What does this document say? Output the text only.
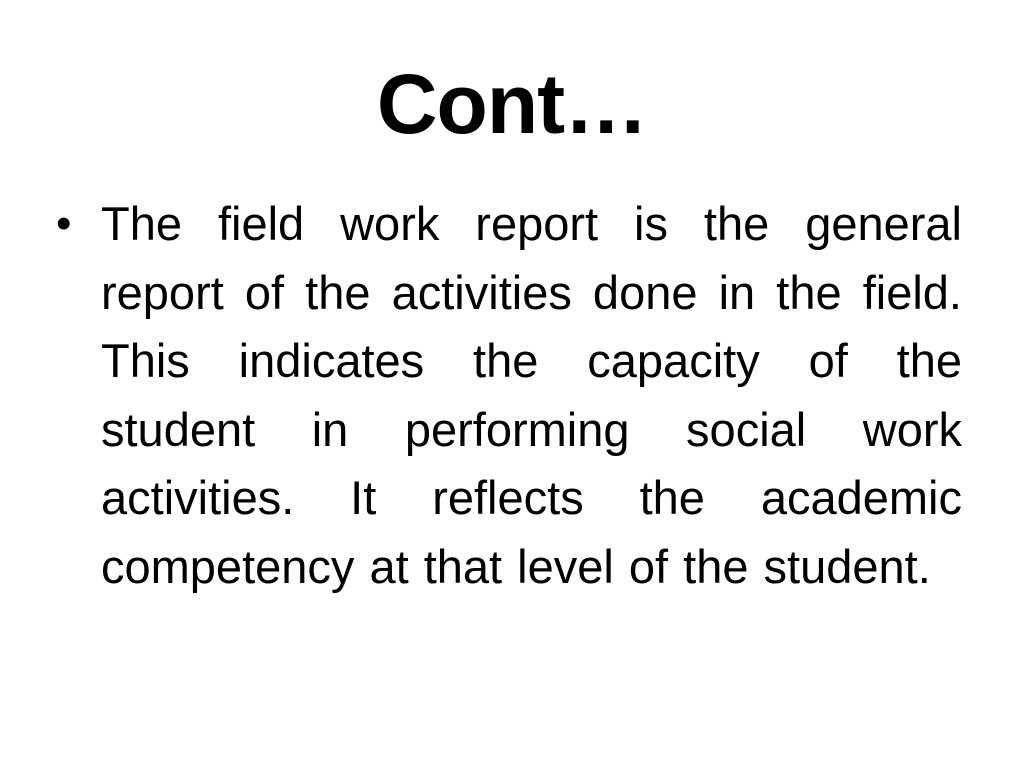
Cont…
• The field work report is the general report of the activities done in the field. This indicates the capacity of the student in performing social work activities. It reflects the academic competency at that level of the student.
